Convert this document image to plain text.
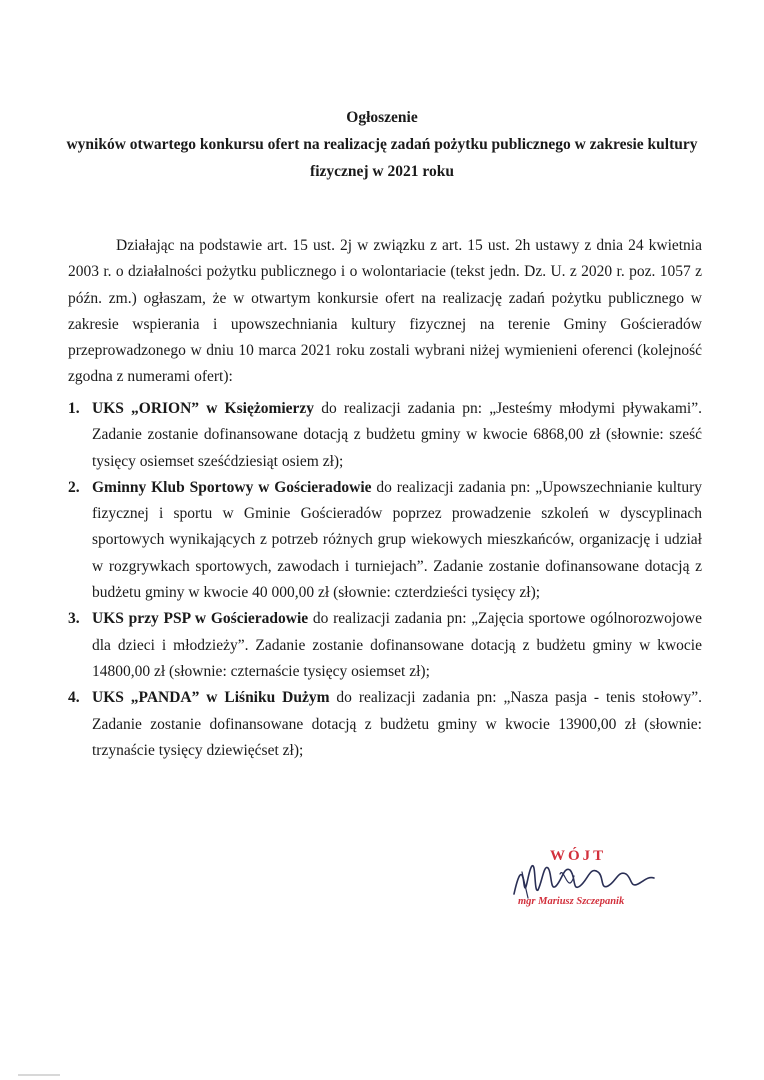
Ogłoszenie
wyników otwartego konkursu ofert na realizację zadań pożytku publicznego w zakresie kultury
fizycznej w 2021 roku
Działając na podstawie art. 15 ust. 2j w związku z art. 15 ust. 2h ustawy z dnia 24 kwietnia 2003 r. o działalności pożytku publicznego i o wolontariacie (tekst jedn. Dz. U. z 2020 r. poz. 1057 z późn. zm.) ogłaszam, że w otwartym konkursie ofert na realizację zadań pożytku publicznego w zakresie wspierania i upowszechniania kultury fizycznej na terenie Gminy Gościeradów przeprowadzonego w dniu 10 marca 2021 roku zostali wybrani niżej wymienieni oferenci (kolejność zgodna z numerami ofert):
1. UKS „ORION” w Księżomierzy do realizacji zadania pn: „Jesteśmy młodymi pływakami”. Zadanie zostanie dofinansowane dotacją z budżetu gminy w kwocie 6868,00 zł (słownie: sześć tysięcy osiemset sześćdziesiąt osiem zł);
2. Gminny Klub Sportowy w Gościeradowie do realizacji zadania pn: „Upowszechnianie kultury fizycznej i sportu w Gminie Gościeradów poprzez prowadzenie szkoleń w dyscyplinach sportowych wynikających z potrzeb różnych grup wiekowych mieszkańców, organizację i udział w rozgrywkach sportowych, zawodach i turniejach”. Zadanie zostanie dofinansowane dotacją z budżetu gminy w kwocie 40 000,00 zł (słownie: czterdzieści tysięcy zł);
3. UKS przy PSP w Gościeradowie do realizacji zadania pn: „Zajęcia sportowe ogólnorozwojowe dla dzieci i młodzieży”. Zadanie zostanie dofinansowane dotacją z budżetu gminy w kwocie 14800,00 zł (słownie: czternaście tysięcy osiemset zł);
4. UKS „PANDA” w Liśniku Dużym do realizacji zadania pn: „Nasza pasja - tenis stołowy”. Zadanie zostanie dofinansowane dotacją z budżetu gminy w kwocie 13900,00 zł (słownie: trzynaście tysięcy dziewięćset zł);
WÓJT
mgr Mariusz Szczepanik
